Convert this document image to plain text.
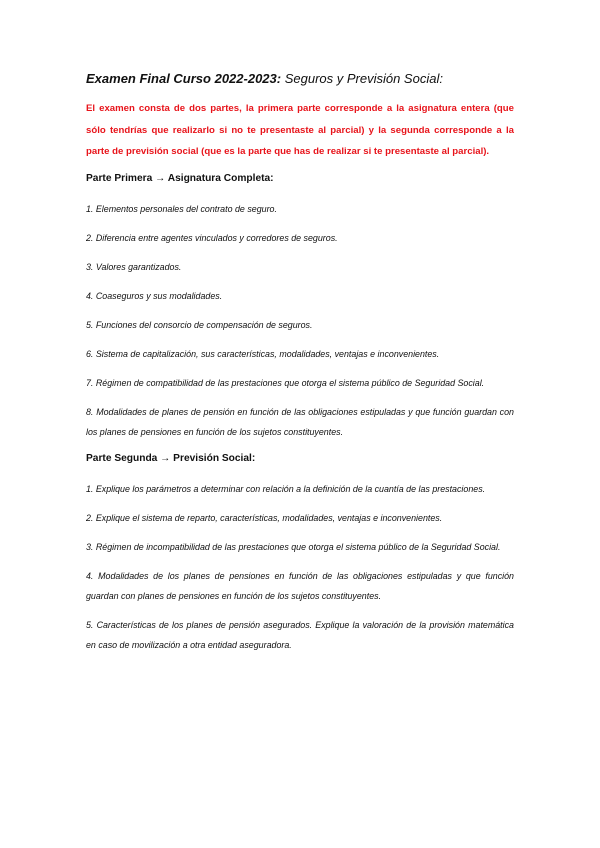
Examen Final Curso 2022-2023: Seguros y Previsión Social:

El examen consta de dos partes, la primera parte corresponde a la asignatura entera (que sólo tendrías que realizarlo si no te presentaste al parcial) y la segunda corresponde a la parte de previsión social (que es la parte que has de realizar si te presentaste al parcial).

Parte Primera → Asignatura Completa:

1. Elementos personales del contrato de seguro.

2. Diferencia entre agentes vinculados y corredores de seguros.

3. Valores garantizados.

4. Coaseguros y sus modalidades.

5. Funciones del consorcio de compensación de seguros.

6. Sistema de capitalización, sus características, modalidades, ventajas e inconvenientes.

7. Régimen de compatibilidad de las prestaciones que otorga el sistema público de Seguridad Social.

8. Modalidades de planes de pensión en función de las obligaciones estipuladas y que función guardan con los planes de pensiones en función de los sujetos constituyentes.

Parte Segunda → Previsión Social:

1. Explique los parámetros a determinar con relación a la definición de la cuantía de las prestaciones.

2. Explique el sistema de reparto, características, modalidades, ventajas e inconvenientes.

3. Régimen de incompatibilidad de las prestaciones que otorga el sistema público de la Seguridad Social.

4. Modalidades de los planes de pensiones en función de las obligaciones estipuladas y que función guardan con planes de pensiones en función de los sujetos constituyentes.

5. Características de los planes de pensión asegurados. Explique la valoración de la provisión matemática en caso de movilización a otra entidad aseguradora.
